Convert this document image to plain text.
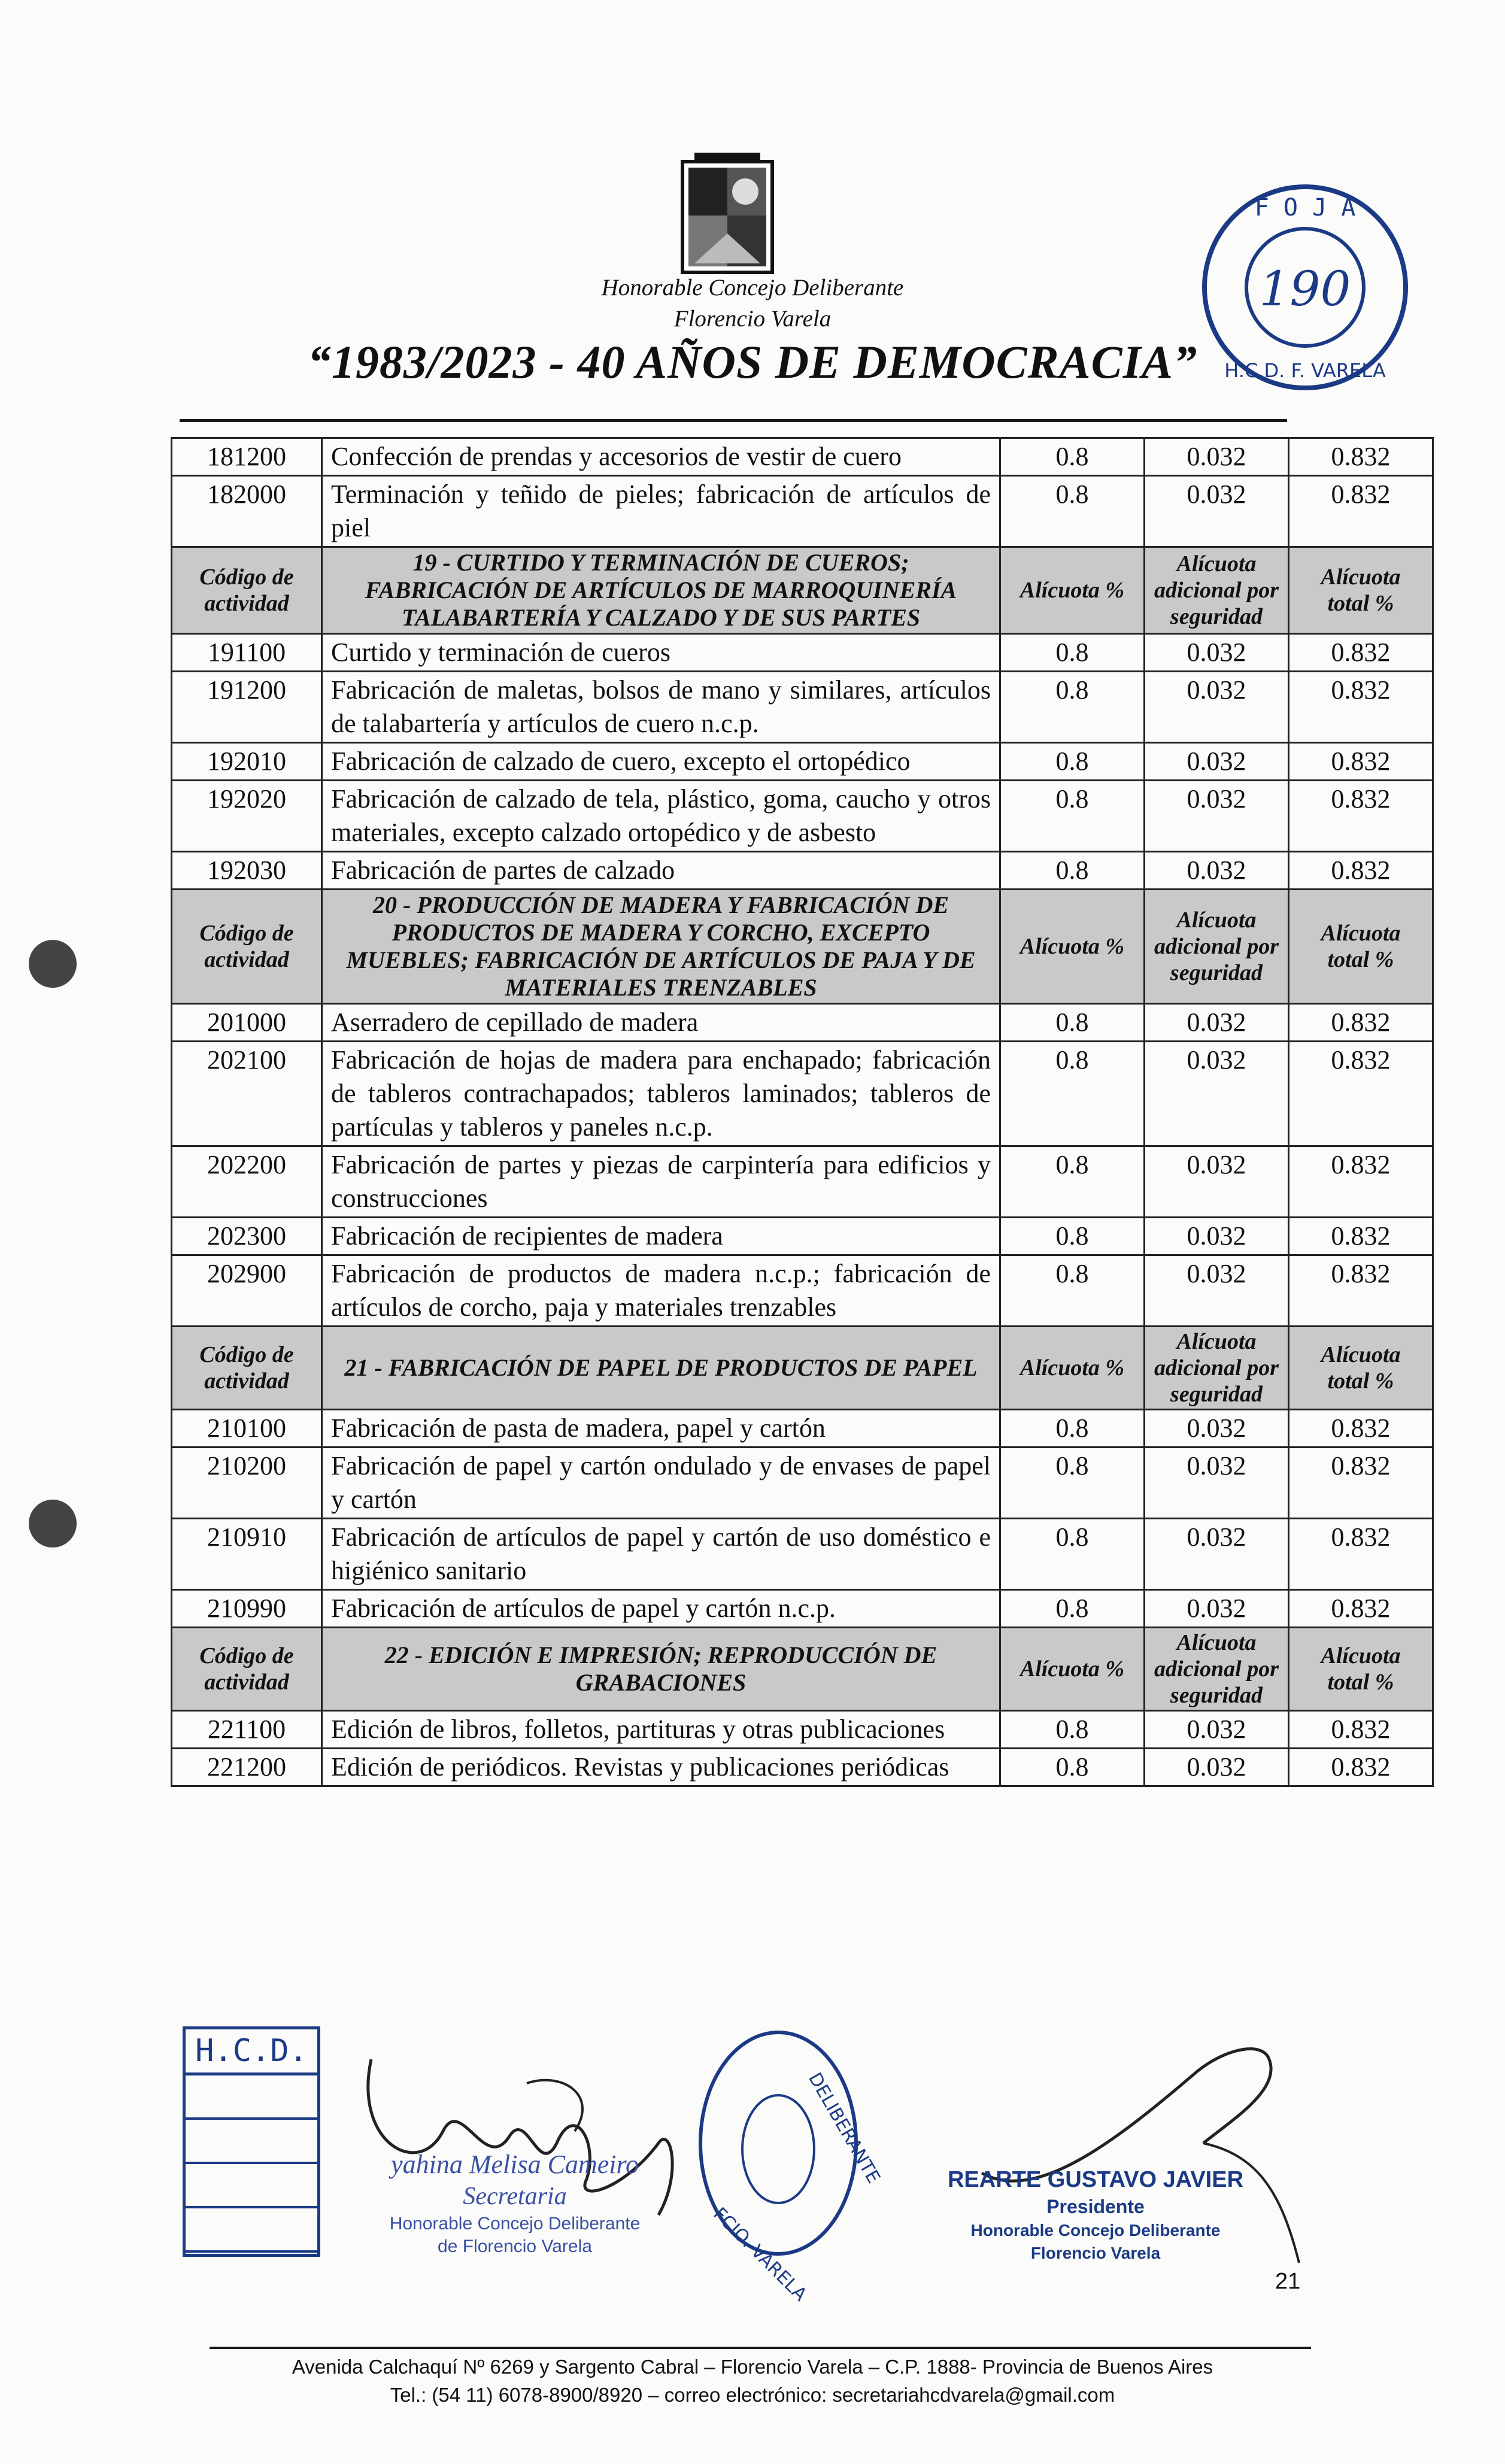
Honorable Concejo Deliberante
Florencio Varela
“1983/2023 - 40 AÑOS DE DEMOCRACIA”
F O J A
190
H.C.D. F. VARELA
181200	Confección de prendas y accesorios de vestir de cuero	0.8	0.032	0.832
182000	Terminación y teñido de pieles; fabricación de artículos de piel	0.8	0.032	0.832
Código de actividad	19 - CURTIDO Y TERMINACIÓN DE CUEROS; FABRICACIÓN DE ARTÍCULOS DE MARROQUINERÍA TALABARTERÍA Y CALZADO Y DE SUS PARTES	Alícuota %	Alícuota adicional por seguridad	Alícuota total %
191100	Curtido y terminación de cueros	0.8	0.032	0.832
191200	Fabricación de maletas, bolsos de mano y similares, artículos de talabartería y artículos de cuero n.c.p.	0.8	0.032	0.832
192010	Fabricación de calzado de cuero, excepto el ortopédico	0.8	0.032	0.832
192020	Fabricación de calzado de tela, plástico, goma, caucho y otros materiales, excepto calzado ortopédico y de asbesto	0.8	0.032	0.832
192030	Fabricación de partes de calzado	0.8	0.032	0.832
Código de actividad	20 - PRODUCCIÓN DE MADERA Y FABRICACIÓN DE PRODUCTOS DE MADERA Y CORCHO, EXCEPTO MUEBLES; FABRICACIÓN DE ARTÍCULOS DE PAJA Y DE MATERIALES TRENZABLES	Alícuota %	Alícuota adicional por seguridad	Alícuota total %
201000	Aserradero de cepillado de madera	0.8	0.032	0.832
202100	Fabricación de hojas de madera para enchapado; fabricación de tableros contrachapados; tableros laminados; tableros de partículas y tableros y paneles n.c.p.	0.8	0.032	0.832
202200	Fabricación de partes y piezas de carpintería para edificios y construcciones	0.8	0.032	0.832
202300	Fabricación de recipientes de madera	0.8	0.032	0.832
202900	Fabricación de productos de madera n.c.p.; fabricación de artículos de corcho, paja y materiales trenzables	0.8	0.032	0.832
Código de actividad	21 - FABRICACIÓN DE PAPEL DE PRODUCTOS DE PAPEL	Alícuota %	Alícuota adicional por seguridad	Alícuota total %
210100	Fabricación de pasta de madera, papel y cartón	0.8	0.032	0.832
210200	Fabricación de papel y cartón ondulado y de envases de papel y cartón	0.8	0.032	0.832
210910	Fabricación de artículos de papel y cartón de uso doméstico e higiénico sanitario	0.8	0.032	0.832
210990	Fabricación de artículos de papel y cartón n.c.p.	0.8	0.032	0.832
Código de actividad	22 - EDICIÓN E IMPRESIÓN; REPRODUCCIÓN DE GRABACIONES	Alícuota %	Alícuota adicional por seguridad	Alícuota total %
221100	Edición de libros, folletos, partituras y otras publicaciones	0.8	0.032	0.832
221200	Edición de periódicos. Revistas y publicaciones periódicas	0.8	0.032	0.832
H.C.D.
yahina Melisa Cameiro
Secretaria
Honorable Concejo Deliberante
de Florencio Varela
DELIBERANTE
FCIO. VARELA
REARTE GUSTAVO JAVIER
Presidente
Honorable Concejo Deliberante
Florencio Varela
21
Avenida Calchaquí Nº 6269 y Sargento Cabral – Florencio Varela – C.P. 1888- Provincia de Buenos Aires
Tel.: (54 11) 6078-8900/8920 – correo electrónico: secretariahcdvarela@gmail.com
